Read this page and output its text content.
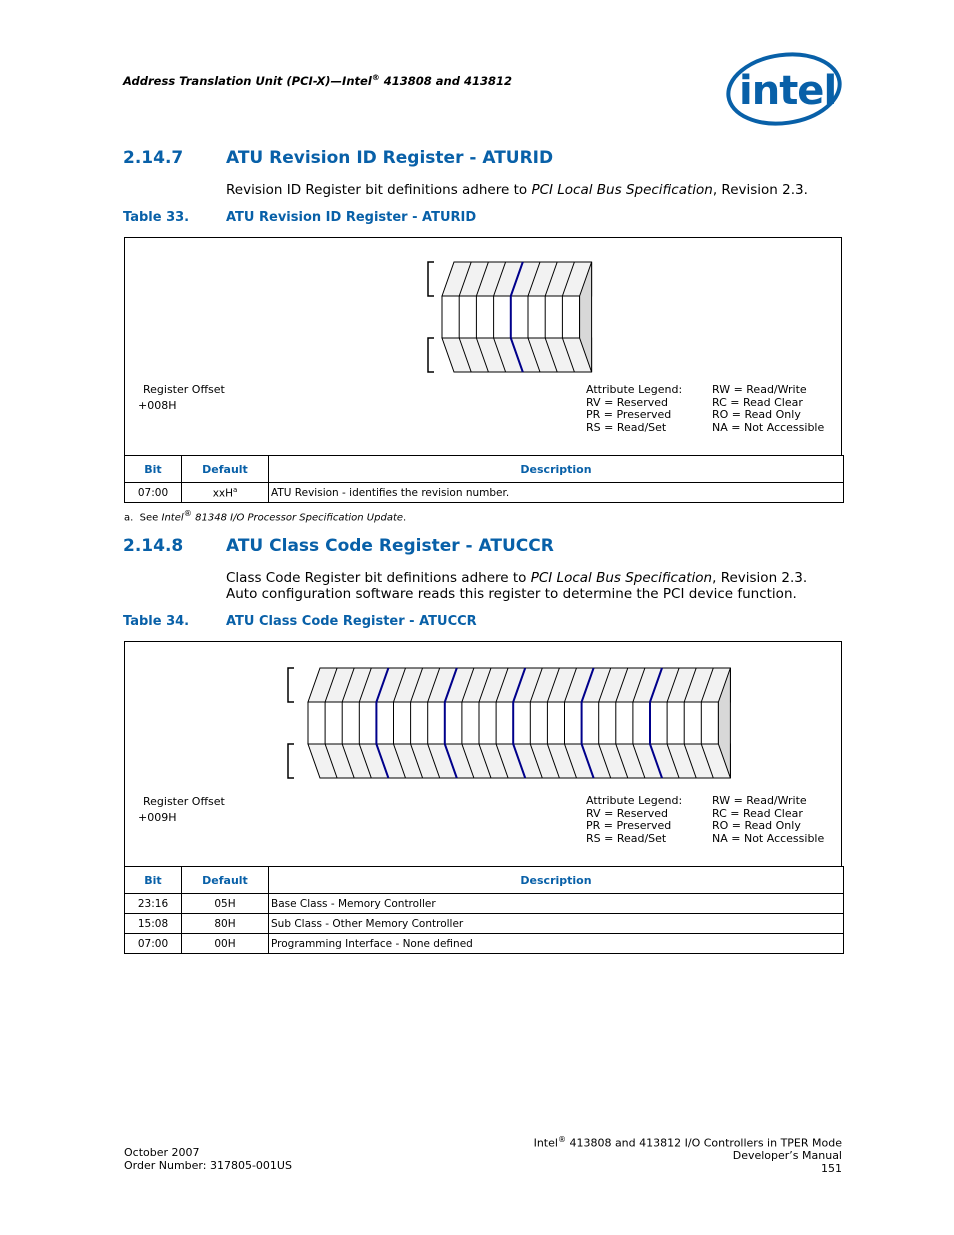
Address Translation Unit (PCI-X)—Intel® 413808 and 413812	intel
2.14.7	ATU Revision ID Register - ATURID
Revision ID Register bit definitions adhere to PCI Local Bus Specification, Revision 2.3.
Table 33.	ATU Revision ID Register - ATURID
Register Offset
+008H
Attribute Legend:
RV = Reserved
PR = Preserved
RS = Read/Set
RW = Read/Write
RC = Read Clear
RO = Read Only
NA = Not Accessible
Bit	Default	Description
07:00	xxH$^a$	ATU Revision - identifies the revision number.
a. See Intel® 81348 I/O Processor Specification Update.
2.14.8	ATU Class Code Register - ATUCCR
Class Code Register bit definitions adhere to PCI Local Bus Specification, Revision 2.3.
Auto configuration software reads this register to determine the PCI device function.
Table 34.	ATU Class Code Register - ATUCCR
Register Offset
+009H
Attribute Legend:
RV = Reserved
PR = Preserved
RS = Read/Set
RW = Read/Write
RC = Read Clear
RO = Read Only
NA = Not Accessible
Bit	Default	Description
23:16	05H	Base Class - Memory Controller
15:08	80H	Sub Class - Other Memory Controller
07:00	00H	Programming Interface - None defined
October 2007
Order Number: 317805-001US
Intel® 413808 and 413812 I/O Controllers in TPER Mode
Developer’s Manual
151
